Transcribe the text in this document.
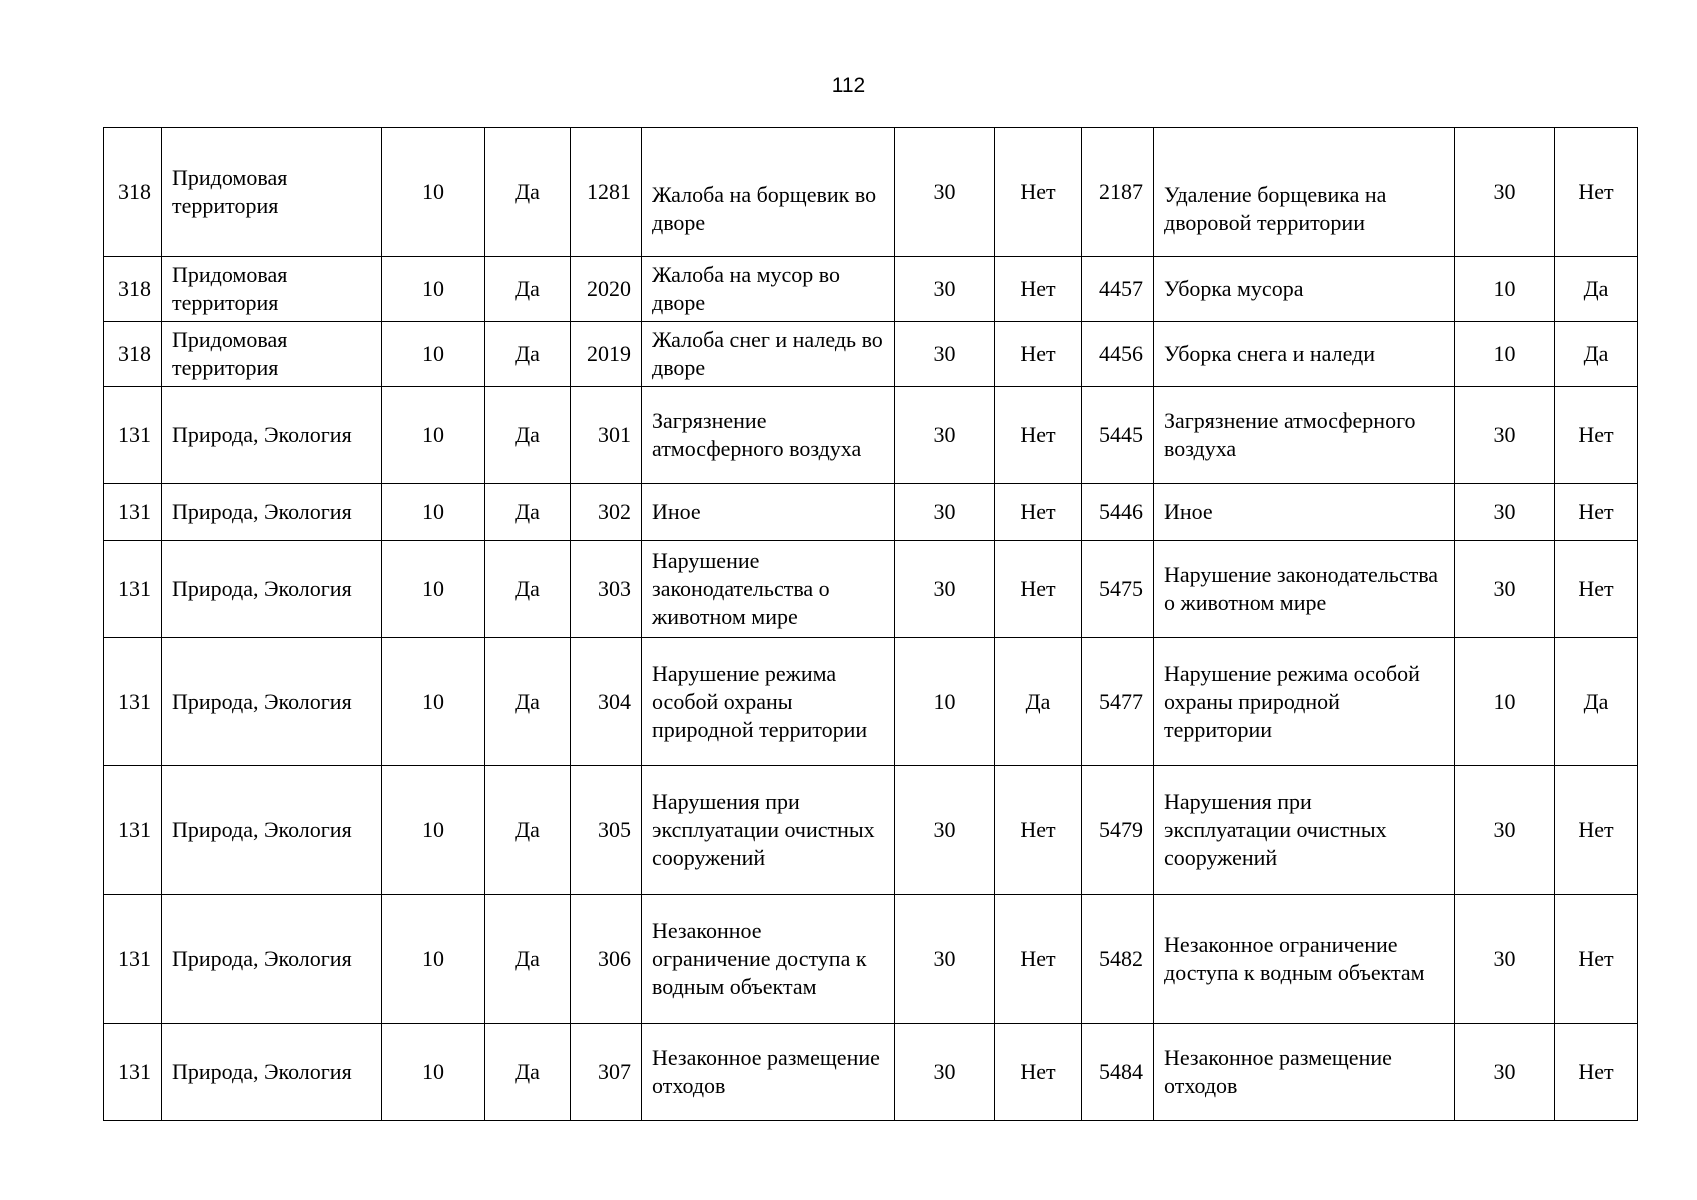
112
318	Придомовая территория	10	Да	1281	Жалоба на борщевик во дворе	30	Нет	2187	Удаление борщевика на дворовой территории	30	Нет
318	Придомовая территория	10	Да	2020	Жалоба на мусор во дворе	30	Нет	4457	Уборка мусора	10	Да
318	Придомовая территория	10	Да	2019	Жалоба снег и наледь во дворе	30	Нет	4456	Уборка снега и наледи	10	Да
131	Природа, Экология	10	Да	301	Загрязнение атмосферного воздуха	30	Нет	5445	Загрязнение атмосферного воздуха	30	Нет
131	Природа, Экология	10	Да	302	Иное	30	Нет	5446	Иное	30	Нет
131	Природа, Экология	10	Да	303	Нарушение законодательства о животном мире	30	Нет	5475	Нарушение законодательства о животном мире	30	Нет
131	Природа, Экология	10	Да	304	Нарушение режима особой охраны природной территории	10	Да	5477	Нарушение режима особой охраны природной территории	10	Да
131	Природа, Экология	10	Да	305	Нарушения при эксплуатации очистных сооружений	30	Нет	5479	Нарушения при эксплуатации очистных сооружений	30	Нет
131	Природа, Экология	10	Да	306	Незаконное ограничение доступа к водным объектам	30	Нет	5482	Незаконное ограничение доступа к водным объектам	30	Нет
131	Природа, Экология	10	Да	307	Незаконное размещение отходов	30	Нет	5484	Незаконное размещение отходов	30	Нет
